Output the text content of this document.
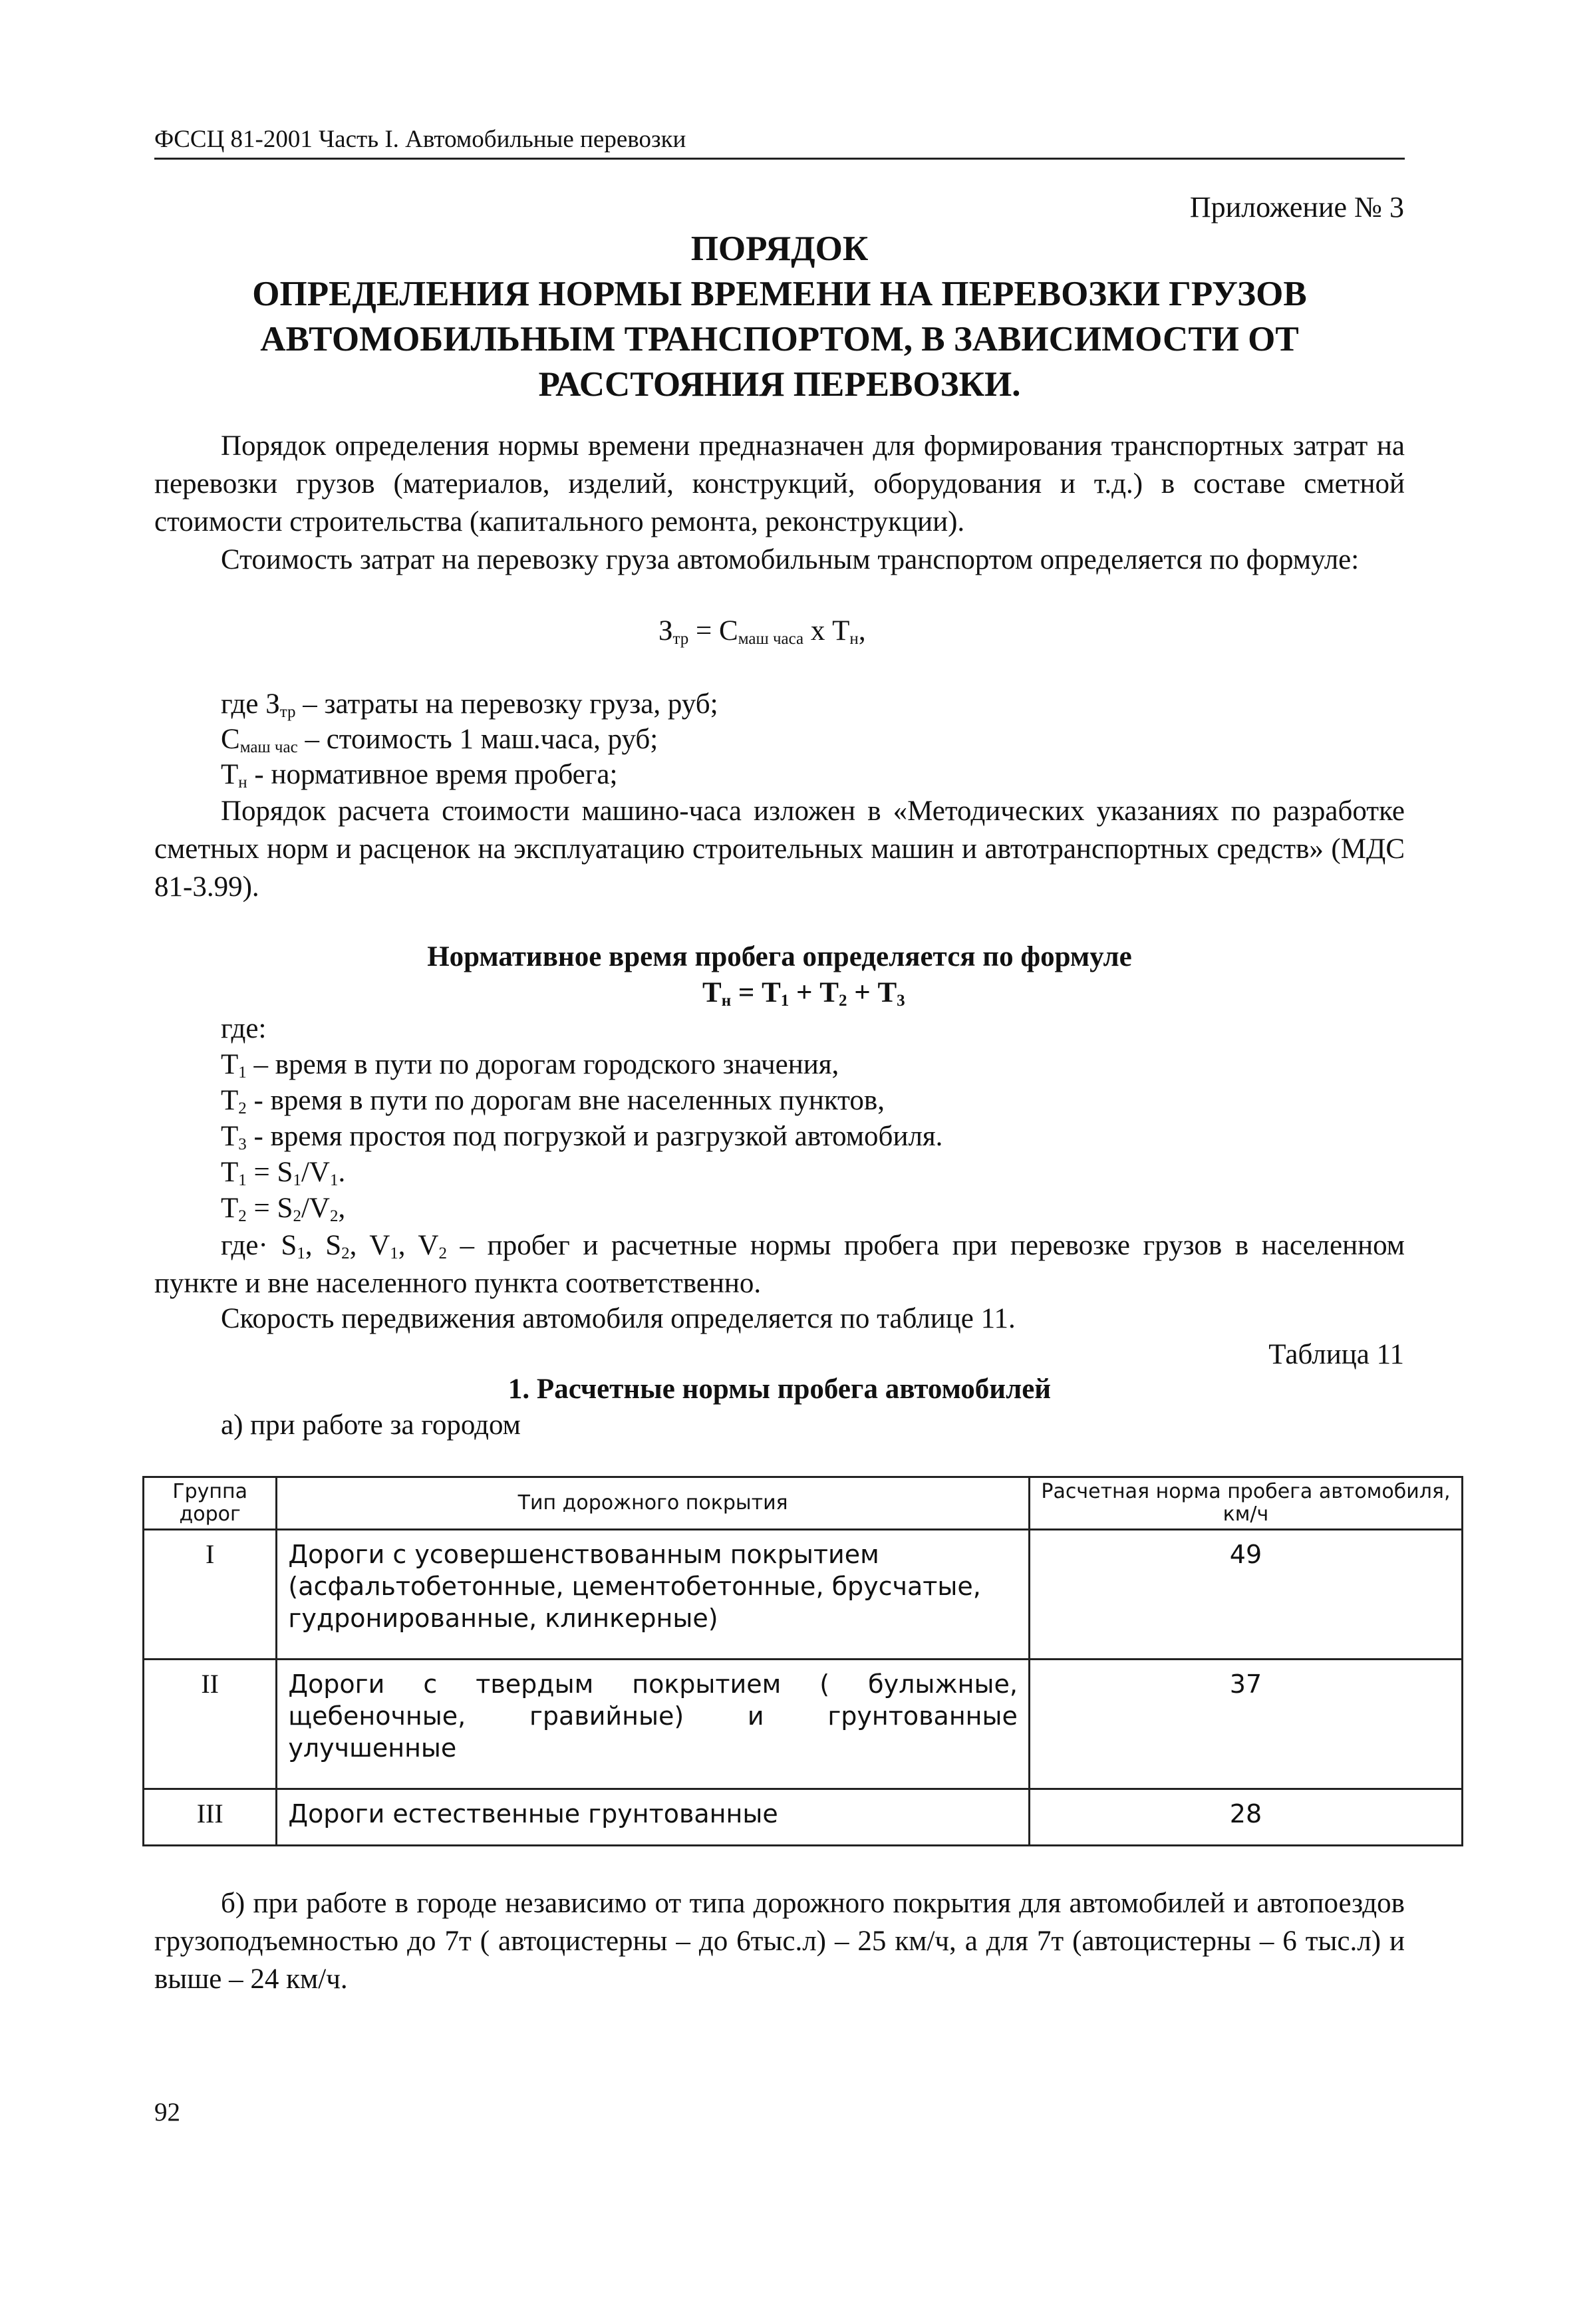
ФССЦ 81-2001 Часть I. Автомобильные перевозки
Приложение № 3
ПОРЯДОК
ОПРЕДЕЛЕНИЯ НОРМЫ ВРЕМЕНИ НА ПЕРЕВОЗКИ ГРУЗОВ
АВТОМОБИЛЬНЫМ ТРАНСПОРТОМ, В ЗАВИСИМОСТИ ОТ
РАССТОЯНИЯ ПЕРЕВОЗКИ.
Порядок определения нормы времени предназначен для формирования транспортных затрат на перевозки грузов (материалов, изделий, конструкций, оборудования и т.д.) в составе сметной стоимости строительства (капитального ремонта, реконструкции).
Стоимость затрат на перевозку груза автомобильным транспортом определяется по формуле:
$З_{тр} = С_{маш часа}$ х $Т_н$,
где $З_{тр}$ – затраты на перевозку груза, руб;
$С_{маш час}$ – стоимость 1 маш.часа, руб;
$Т_н$ - нормативное время пробега;
Порядок расчета стоимости машино-часа изложен в «Методических указаниях по разработке сметных норм и расценок на эксплуатацию строительных машин и автотранспортных средств» (МДС 81-3.99).
Нормативное время пробега определяется по формуле
$Т_н = Т_1 + Т_2 + Т_3$
где:
$Т_1$ – время в пути по дорогам городского значения,
$Т_2$ - время в пути по дорогам вне населенных пунктов,
$Т_3$ - время простоя под погрузкой и разгрузкой автомобиля.
$Т_1 = S_1/V_1$.
$Т_2 = S_2/V_2$,
$где\cdot S_1$, $S_2$, $V_1$, $V_2$ – пробег и расчетные нормы пробега при перевозке грузов в населенном пункте и вне населенного пункта соответственно.
Скорость передвижения автомобиля определяется по таблице 11.
Таблица 11
1. Расчетные нормы пробега автомобилей
а) при работе за городом
Группа дорог	Тип дорожного покрытия	Расчетная норма пробега автомобиля, км/ч
I	Дороги с усовершенствованным покрытием (асфальтобетонные, цементобетонные, брусчатые, гудронированные, клинкерные)	49
II	Дороги с твердым покрытием ( булыжные, щебеночные, гравийные) и грунтованные улучшенные	37
III	Дороги естественные грунтованные	28
б) при работе в городе независимо от типа дорожного покрытия для автомобилей и автопоездов грузоподъемностью до 7т ( автоцистерны – до 6тыс.л) – 25 км/ч, а для 7т (автоцистерны – 6 тыс.л) и выше – 24 км/ч.
92
